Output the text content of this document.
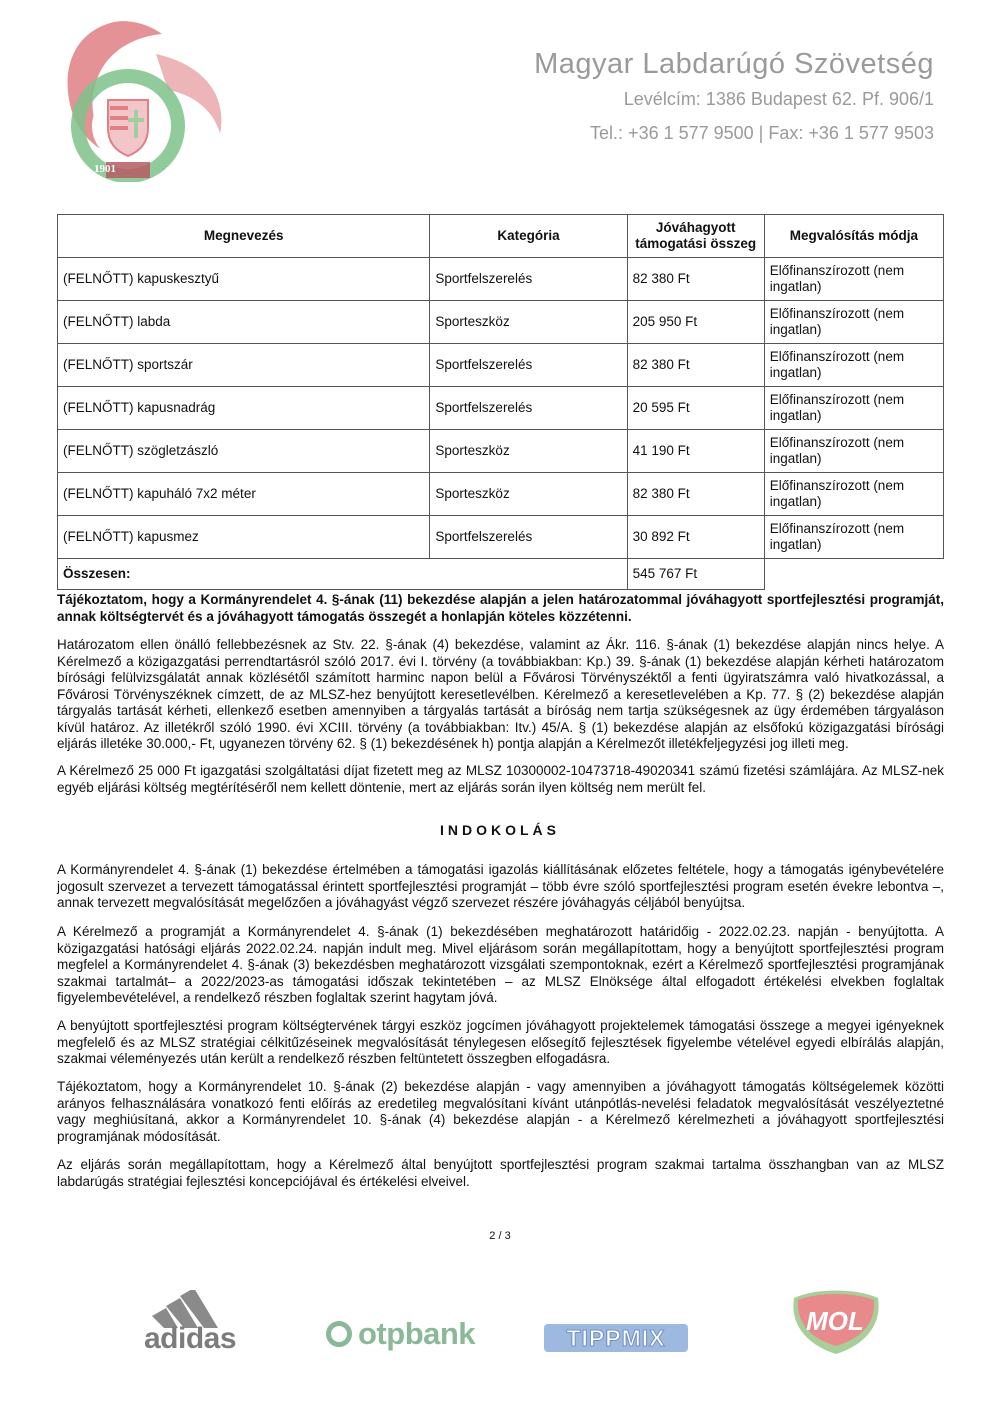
1901
Magyar Labdarúgó Szövetség
Levélcím: 1386 Budapest 62. Pf. 906/1
Tel.: +36 1 577 9500 | Fax: +36 1 577 9503
Megnevezés	Kategória	Jóváhagyott támogatási összeg	Megvalósítás módja
(FELNŐTT) kapuskesztyű	Sportfelszerelés	82 380 Ft	Előfinanszírozott (nem ingatlan)
(FELNŐTT) labda	Sporteszköz	205 950 Ft	Előfinanszírozott (nem ingatlan)
(FELNŐTT) sportszár	Sportfelszerelés	82 380 Ft	Előfinanszírozott (nem ingatlan)
(FELNŐTT) kapusnadrág	Sportfelszerelés	20 595 Ft	Előfinanszírozott (nem ingatlan)
(FELNŐTT) szögletzászló	Sporteszköz	41 190 Ft	Előfinanszírozott (nem ingatlan)
(FELNŐTT) kapuháló 7x2 méter	Sporteszköz	82 380 Ft	Előfinanszírozott (nem ingatlan)
(FELNŐTT) kapusmez	Sportfelszerelés	30 892 Ft	Előfinanszírozott (nem ingatlan)
Összesen:		545 767 Ft	
Tájékoztatom, hogy a Kormányrendelet 4. §-ának (11) bekezdése alapján a jelen határozatommal jóváhagyott sportfejlesztési programját, annak költségtervét és a jóváhagyott támogatás összegét a honlapján köteles közzétenni.
Határozatom ellen önálló fellebbezésnek az Stv. 22. §-ának (4) bekezdése, valamint az Ákr. 116. §-ának (1) bekezdése alapján nincs helye. A Kérelmező a közigazgatási perrendtartásról szóló 2017. évi I. törvény (a továbbiakban: Kp.) 39. §-ának (1) bekezdése alapján kérheti határozatom bírósági felülvizsgálatát annak közlésétől számított harminc napon belül a Fővárosi Törvényszéktől a fenti ügyiratszámra való hivatkozással, a Fővárosi Törvényszéknek címzett, de az MLSZ-hez benyújtott keresetlevélben. Kérelmező a keresetlevelében a Kp. 77. § (2) bekezdése alapján tárgyalás tartását kérheti, ellenkező esetben amennyiben a tárgyalás tartását a bíróság nem tartja szükségesnek az ügy érdemében tárgyaláson kívül határoz. Az illetékről szóló 1990. évi XCIII. törvény (a továbbiakban: Itv.) 45/A. § (1) bekezdése alapján az elsőfokú közigazgatási bírósági eljárás illetéke 30.000,- Ft, ugyanezen törvény 62. § (1) bekezdésének h) pontja alapján a Kérelmezőt illetékfeljegyzési jog illeti meg.
A Kérelmező 25 000 Ft igazgatási szolgáltatási díjat fizetett meg az MLSZ 10300002-10473718-49020341 számú fizetési számlájára. Az MLSZ-nek egyéb eljárási költség megtérítéséről nem kellett döntenie, mert az eljárás során ilyen költség nem merült fel.
INDOKOLÁS
A Kormányrendelet 4. §-ának (1) bekezdése értelmében a támogatási igazolás kiállításának előzetes feltétele, hogy a támogatás igénybevételére jogosult szervezet a tervezett támogatással érintett sportfejlesztési programját – több évre szóló sportfejlesztési program esetén évekre lebontva –, annak tervezett megvalósítását megelőzően a jóváhagyást végző szervezet részére jóváhagyás céljából benyújtsa.
A Kérelmező a programját a Kormányrendelet 4. §-ának (1) bekezdésében meghatározott határidőig - 2022.02.23. napján - benyújtotta. A közigazgatási hatósági eljárás 2022.02.24. napján indult meg. Mivel eljárásom során megállapítottam, hogy a benyújtott sportfejlesztési program megfelel a Kormányrendelet 4. §-ának (3) bekezdésben meghatározott vizsgálati szempontoknak, ezért a Kérelmező sportfejlesztési programjának szakmai tartalmát– a 2022/2023-as támogatási időszak tekintetében – az MLSZ Elnöksége által elfogadott értékelési elvekben foglaltak figyelembevételével, a rendelkező részben foglaltak szerint hagytam jóvá.
A benyújtott sportfejlesztési program költségtervének tárgyi eszköz jogcímen jóváhagyott projektelemek támogatási összege a megyei igényeknek megfelelő és az MLSZ stratégiai célkitűzéseinek megvalósítását ténylegesen elősegítő fejlesztések figyelembe vételével egyedi elbírálás alapján, szakmai véleményezés után került a rendelkező részben feltüntetett összegben elfogadásra.
Tájékoztatom, hogy a Kormányrendelet 10. §-ának (2) bekezdése alapján - vagy amennyiben a jóváhagyott támogatás költségelemek közötti arányos felhasználására vonatkozó fenti előírás az eredetileg megvalósítani kívánt utánpótlás-nevelési feladatok megvalósítását veszélyeztetné vagy meghiúsítaná, akkor a Kormányrendelet 10. §-ának (4) bekezdése alapján - a Kérelmező kérelmezheti a jóváhagyott sportfejlesztési programjának módosítását.
Az eljárás során megállapítottam, hogy a Kérelmező által benyújtott sportfejlesztési program szakmai tartalma összhangban van az MLSZ labdarúgás stratégiai fejlesztési koncepciójával és értékelési elveivel.
2 / 3
adidas	otpbank	TIPPMIX
MOL
